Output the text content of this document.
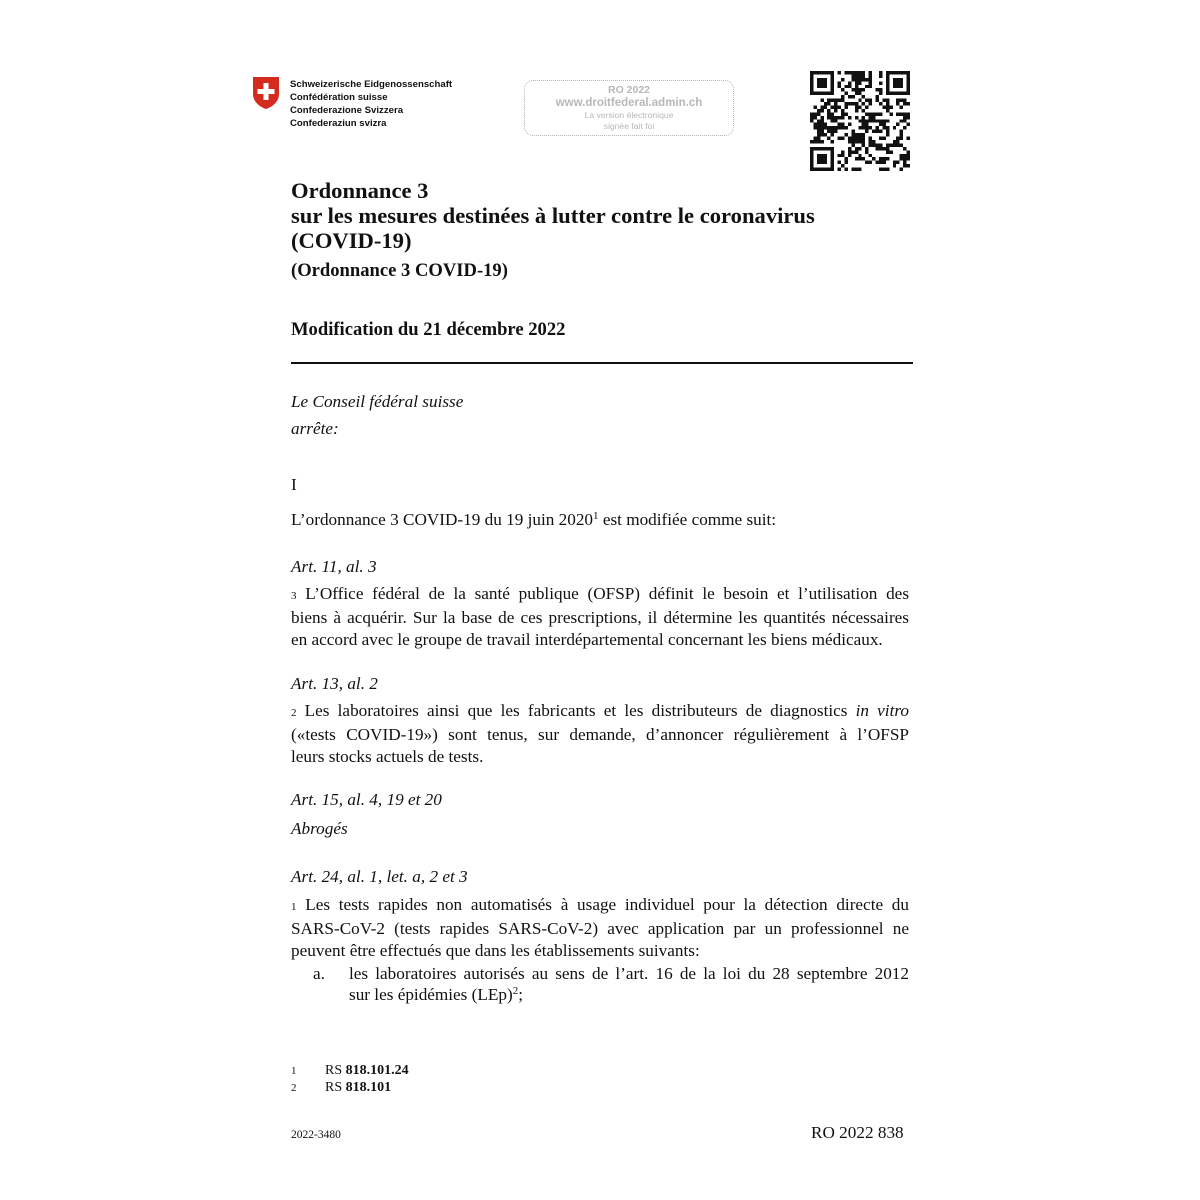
Schweizerische Eidgenossenschaft
Confédération suisse
Confederazione Svizzera
Confederaziun svizra
RO 2022
www.droitfederal.admin.ch
La version électronique
signée fait foi
Ordonnance 3
sur les mesures destinées à lutter contre le coronavirus
(COVID-19)
(Ordonnance 3 COVID-19)
Modification du 21 décembre 2022
Le Conseil fédéral suisse
arrête:
I
L’ordonnance 3 COVID-19 du 19 juin 2020$^1$ est modifiée comme suit:
Art. 11, al. 3
3 L’Office fédéral de la santé publique (OFSP) définit le besoin et l’utilisation des
biens à acquérir. Sur la base de ces prescriptions, il détermine les quantités nécessaires
en accord avec le groupe de travail interdépartemental concernant les biens médicaux.
Art. 13, al. 2
2 Les laboratoires ainsi que les fabricants et les distributeurs de diagnostics in vitro
(«tests COVID-19») sont tenus, sur demande, d’annoncer régulièrement à l’OFSP
leurs stocks actuels de tests.
Art. 15, al. 4, 19 et 20
Abrogés
Art. 24, al. 1, let. a, 2 et 3
1 Les tests rapides non automatisés à usage individuel pour la détection directe du
SARS-CoV-2 (tests rapides SARS-CoV-2) avec application par un professionnel ne
peuvent être effectués que dans les établissements suivants:
a. les laboratoires autorisés au sens de l’art. 16 de la loi du 28 septembre 2012
sur les épidémies (LEp)$^2$;
1 RS 818.101.24
2 RS 818.101
2022-3480	RO 2022 838
